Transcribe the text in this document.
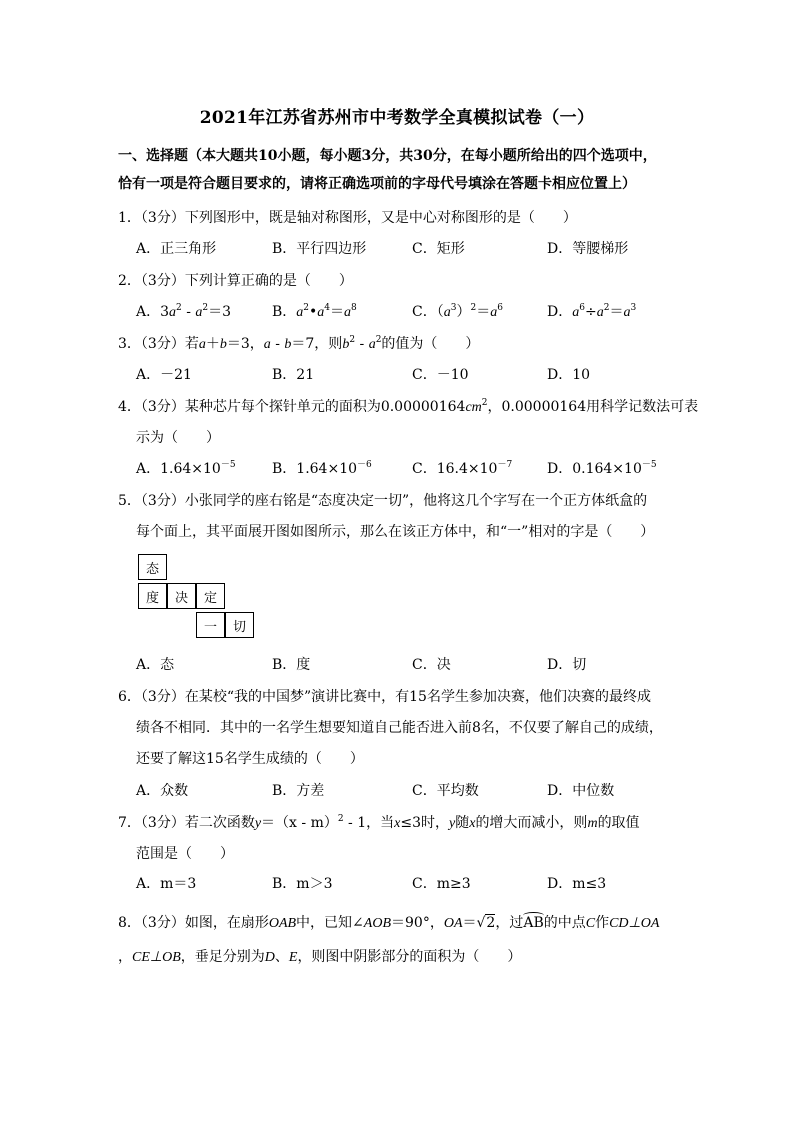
2021年江苏省苏州市中考数学全真模拟试卷（一）
一、选择题（本大题共10小题，每小题3分，共30分，在每小题所给出的四个选项中，
恰有一项是符合题目要求的，请将正确选项前的字母代号填涂在答题卡相应位置上）
1．（3分）下列图形中，既是轴对称图形，又是中心对称图形的是（　　）
A．正三角形	B．平行四边形	C．矩形	D．等腰梯形
2．（3分）下列计算正确的是（　　）
A．$3a^2 - a^2=3$	B．$a^2•a^4=a^8$	C．$(a^3)^2=a^6$	D．$a^6\div a^2=a^3$
3．（3分）若a＋b＝3，a - b＝7，则$b^2 - a^2$的值为（　　）
A．－21	B．21	C．－10	D．10
4．（3分）某种芯片每个探针单元的面积为$0.00000164cm^2$，0.00000164用科学记数法可表
示为（　　）
A．$1.64\times 10^{-5}$	B．$1.64\times 10^{-6}$	C．$16.4\times 10^{-7}$ D．$0.164\times 10^{-5}$
5．（3分）小张同学的座右铭是“态度决定一切”，他将这几个字写在一个正方体纸盒的
每个面上，其平面展开图如图所示，那么在该正方体中，和“一”相对的字是（　　）
态
度	决	定
一	切
A．态	B．度	C．决	D．切
6．（3分）在某校“我的中国梦”演讲比赛中，有15名学生参加决赛，他们决赛的最终成
绩各不相同．其中的一名学生想要知道自己能否进入前8名，不仅要了解自己的成绩，
还要了解这15名学生成绩的（　　）
A．众数	B．方差	C．平均数	D．中位数
7．（3分）若二次函数y＝（x - m）$^2$ - 1，当x≤3时，y随x的增大而减小，则m的取值
范围是（　　）
A．m＝3	B．m＞3	C．m≥3	D．m≤3
8．（3分）如图，在扇形OAB中，已知∠AOB＝90°，OA＝√2，过AB的中点C作CD⊥OA
，CE⊥OB，垂足分别为D、E，则图中阴影部分的面积为（　　）
